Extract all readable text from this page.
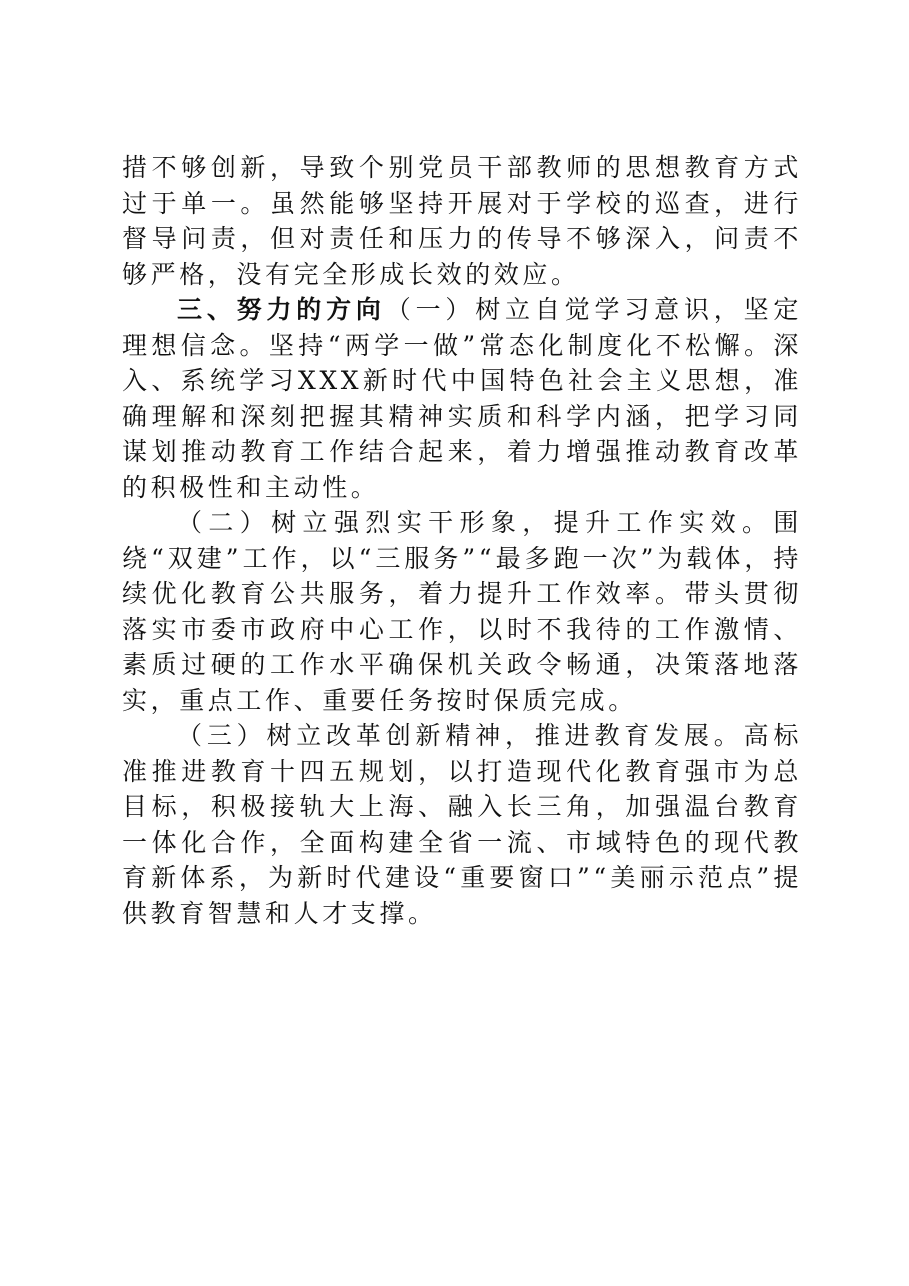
措不够创新，导致个别党员干部教师的思想教育方式过于单一。虽然能够坚持开展对于学校的巡查，进行督导问责，但对责任和压力的传导不够深入，问责不够严格，没有完全形成长效的效应。

三、努力的方向（一）树立自觉学习意识，坚定理想信念。坚持“两学一做”常态化制度化不松懈。深入、系统学习XXX新时代中国特色社会主义思想，准确理解和深刻把握其精神实质和科学内涵，把学习同谋划推动教育工作结合起来，着力增强推动教育改革的积极性和主动性。

（二）树立强烈实干形象，提升工作实效。围绕“双建”工作，以“三服务”“最多跑一次”为载体，持续优化教育公共服务，着力提升工作效率。带头贯彻落实市委市政府中心工作，以时不我待的工作激情、素质过硬的工作水平确保机关政令畅通，决策落地落实，重点工作、重要任务按时保质完成。

（三）树立改革创新精神，推进教育发展。高标准推进教育十四五规划，以打造现代化教育强市为总目标，积极接轨大上海、融入长三角，加强温台教育一体化合作，全面构建全省一流、市域特色的现代教育新体系，为新时代建设“重要窗口”“美丽示范点”提供教育智慧和人才支撑。
